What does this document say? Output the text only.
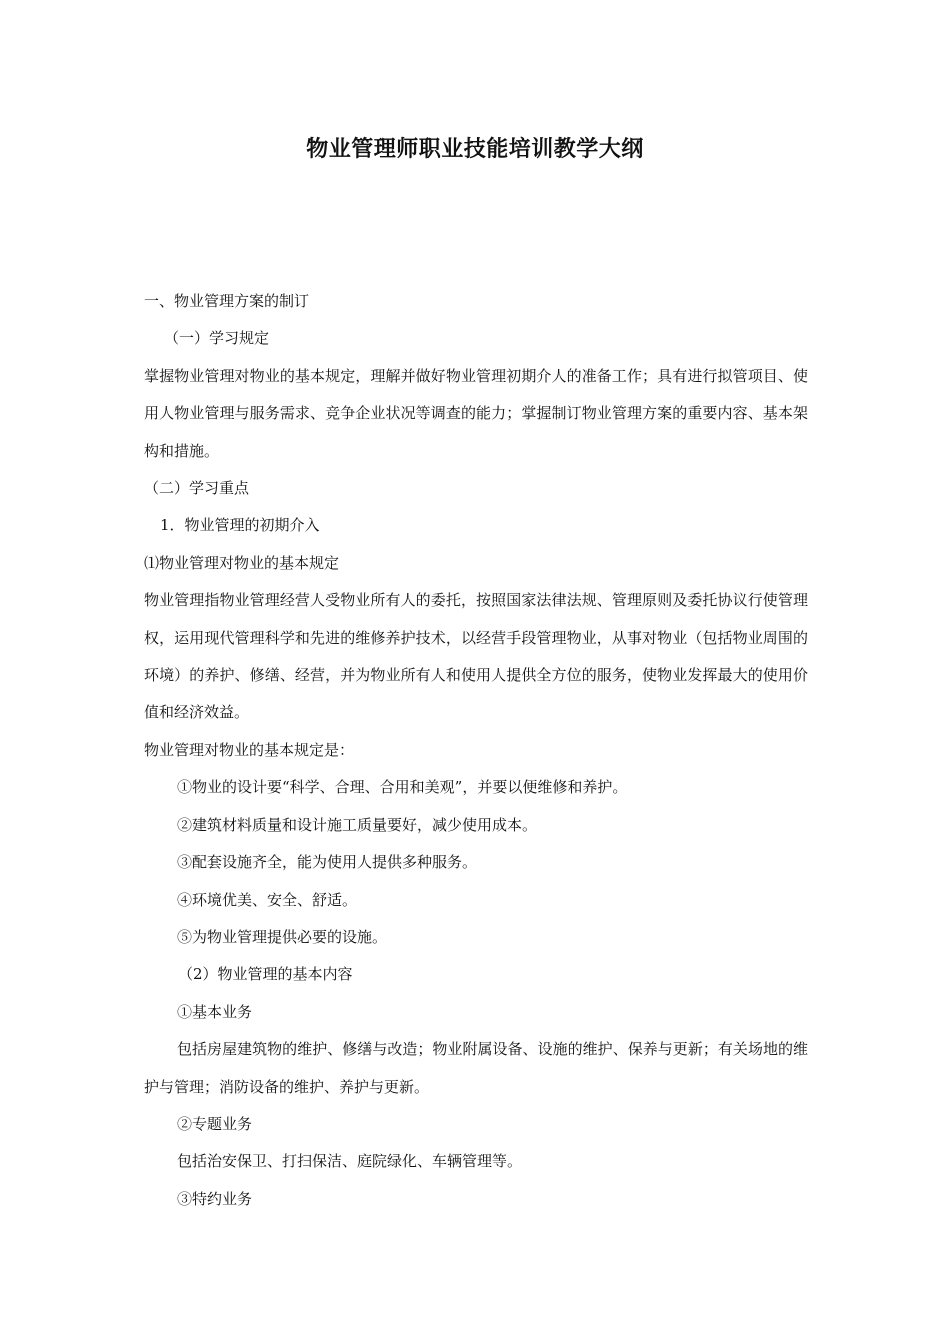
物业管理师职业技能培训教学大纲

一、物业管理方案的制订

（一）学习规定

掌握物业管理对物业的基本规定，理解并做好物业管理初期介人的准备工作；具有进行拟管项目、使用人物业管理与服务需求、竞争企业状况等调查的能力；掌握制订物业管理方案的重要内容、基本架构和措施。

（二）学习重点

1．物业管理的初期介入

⑴物业管理对物业的基本规定

物业管理指物业管理经营人受物业所有人的委托，按照国家法律法规、管理原则及委托协议行使管理权，运用现代管理科学和先进的维修养护技术，以经营手段管理物业，从事对物业（包括物业周围的环境）的养护、修缮、经营，并为物业所有人和使用人提供全方位的服务，使物业发挥最大的使用价值和经济效益。

物业管理对物业的基本规定是：

①物业的设计要“科学、合理、合用和美观”，并要以便维修和养护。

②建筑材料质量和设计施工质量要好，减少使用成本。

③配套设施齐全，能为使用人提供多种服务。

④环境优美、安全、舒适。

⑤为物业管理提供必要的设施。

（2）物业管理的基本内容

①基本业务

包括房屋建筑物的维护、修缮与改造；物业附属设备、设施的维护、保养与更新；有关场地的维护与管理；消防设备的维护、养护与更新。

②专题业务

包括治安保卫、打扫保洁、庭院绿化、车辆管理等。

③特约业务
